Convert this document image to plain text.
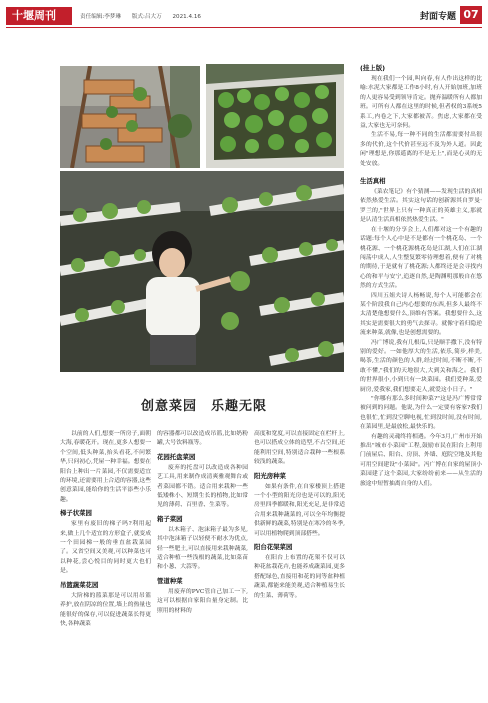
十堰周刊	责任编辑:李梦琳 版式:吕大万 2021.4.16	封面专题 07
创意菜园　乐趣无限

以前的人们,想要一所房子,面朝大海,春暖花开。现在,更多人想要一个空间,低头种菜,抬头看花,不问繁华,只问初心,凭屋一种幸福。想要在阳台上种出一片菜园,不仅需要适宜的环境,还需要用上合适的容器,这些创意菜园,能给你的生活平添些小乐趣。

梯子状菜园

家里有废旧的梯子吗?利用起来,做上几个适宜的方形盒子,就变成一个田园梯一般的垂直盆栽菜园了。又省空间又美观,可以种菜也可以种花,尝心悦目的同时更大也们是。

吊篮蔬菜花园

大阶梯的篮菜那是可以用吊篮养护,放在阴凉的位置,墙上的热量也能很好的保存,可以促进蔬菜长得更快,各种蔬菜

的容器都可以改造成吊篮,比如奶粉罐,大号饮料瓶等。

花园托盘菜园

废弃的托盘可以改造成各种园艺工具,用来制作成清爽雅观舞台或者菜园都不错。适合用来栽种一些低矮株小、短期生长的植物,比如常见的薄荷、百里香、生菜等。

箱子菜园

以木箱子、泡沫箱子最为多见,其中泡沫箱子以轻便不耐水为优点,轻一些肥土,可以直接用来栽种蔬菜,适合种植一些浅根的蔬菜,比如菜苗和小葱、大蒜等。

管道种菜

用废弃的PVC管自己加工一下,这可以根据自家阳台量身定制。比照用的材料的

高度和宽度,可以直接固定在栏杆上,也可以搭成立体的造型,不占空间,还能利用空间,特别适合栽种一些根系较浅的蔬菜。

阳光房种菜

如果有条件,在自家楼顶上搭建一个小型的阳光房也是可以的,阳光房里四季都暖和,阳光充足,是非常适合用来栽种蔬菜的,可以全年均衡提供新鲜的蔬菜,特别是在寒冷的冬季,可以用植物爬到顶部搭些。

阳台花架菜园

在阳台上布置的花架不仅可以种花盆栽花卉,也能养成蔬菜园,更多搭配绿色,直接用和花的同等盆种植蔬菜,都能来能美观,适合种植易生长的生菜、薄荷等。

(挂上版)

现在我们一个园,叫向春,有人作出这样的比喻:水泥大家都是工作8小时,有人开始加班,加班的人更容易受到领导肯定。抛弃温暖所有人都加班。可所有人都在这里的时候,但者权的3系统5系工,内卷之下,大家都被苦。焦虑,大家都在受益,大家也无可奈何。

生活不易,每一种不同的生活都需要付出很多的代价,这个代价甚至远不及为外人道。因此闲"理想是,你那遥离的不是无上",而是心灵的无处安放。

生活真相

《菜农笔记》有个猜测——发现生活的真相依然热爱生活。其实这句话的创新源其自罗曼·罗兰的,"世界上只有一种真正的英雄主义,那就是认清生活真相依然热爱生活。"

在十堰的分享会上,人们都对这一个有趣的话题:每个人心中是不是都有一个桃花岛、一个桃花源、一个桃花源桃花岛是江湖,人们在江湖闯荡中成人,人生整复繁零待理想着,便有了对桃的期待,于是就有了桃花源;人都终还是会寻找内心的和平与安宁,追逐自然,是陶渊明那般自在悠然的方式生活。

四川五姐夫诗人杨畅说,每个人可能都会在某个阶段我自己内心想要的东西,但多人最终不太清楚他想要什么,顶维有答案。我想要什么,这其实是需要很大的勇气去探寻。就像守着归隐逆流来种菜,就像,也是创想需要的。

冯广博说,我有几根瓜,只是顺手撒下,没有特别的爱好。一如他厚大的生活,依乐,简步,样美,喝茶,生活的颜色的人群,经过时间,不断不断,不敢不懂,"我们的天地很大,大到关和海之。我们的世界很小,小到只有一块菜园。我们爱种菜,爱厨房,爱我家,我们想要走人,就爱这小日子。"

"你哪有那么多时间种菜?"这是冯广博常常被问到的问题。他说,为什么一定要有客家?我们也很忙,忙到没空聊电视,忙到没时间,没有时间,在菜园里,是最放松,最快乐的。

有趣的灵魂终将相遇。今年3月,广州市开始推出"城市小菜园"工程,鼓励市民在阳台上利用门前屋后、阳台、房顶、外墙、庭院空地及其他可用空间建设"小菜园"。冯广博在自家的屋顶小菜园建了这个菜园,大家纷纷前来——从生活的旅途中短暂抽离自身的人们。
